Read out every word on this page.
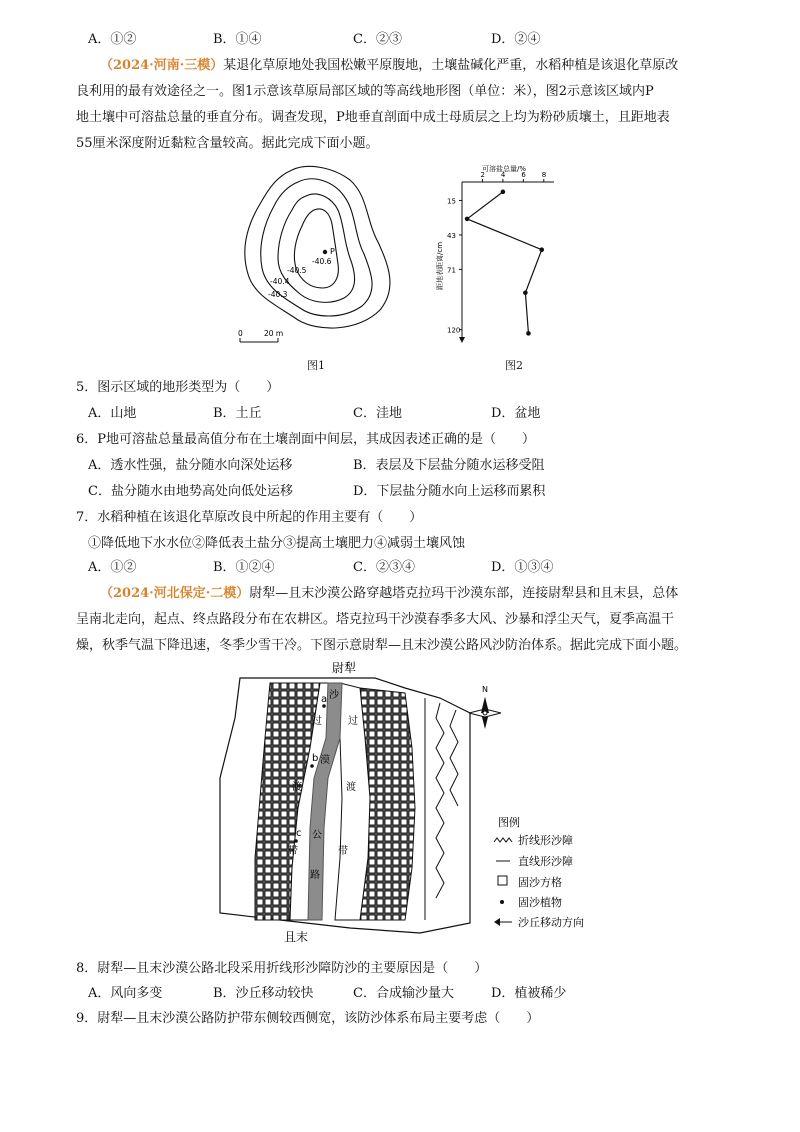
A．①②	B．①④	C．②③	D．②④
（2024·河南·三模）某退化草原地处我国松嫩平原腹地，土壤盐碱化严重，水稻种植是该退化草原改
良利用的最有效途径之一。图1示意该草原局部区域的等高线地形图（单位：米），图2示意该区域内P
地土壤中可溶盐总量的垂直分布。调查发现，P地垂直剖面中成土母质层之上均为粉砂质壤土，且距地表
55厘米深度附近黏粒含量较高。据此完成下面小题。
P
-40.6
-40.5
-40.4
-40.3
0	20 m
图1
可溶盐总量/%
距地表距离/cm
2 4 6 8
15
43
71
120
图2
5．图示区域的地形类型为（　　）
A．山地	B．土丘	C．洼地	D．盆地
6．P地可溶盐总量最高值分布在土壤剖面中间层，其成因表述正确的是（　　）
A．透水性强，盐分随水向深处运移	B．表层及下层盐分随水运移受阻
C．盐分随水由地势高处向低处运移	D．下层盐分随水向上运移而累积
7．水稻种植在该退化草原改良中所起的作用主要有（　　）
①降低地下水水位②降低表土盐分③提高土壤肥力④减弱土壤风蚀
A．①②	B．①②④	C．②③④	D．①③④
（2024·河北保定·二模）尉犁—且末沙漠公路穿越塔克拉玛干沙漠东部，连接尉犁县和且末县，总体
呈南北走向，起点、终点路段分布在农耕区。塔克拉玛干沙漠春季多大风、沙暴和浮尘天气，夏季高温干
燥，秋季气温下降迅速，冬季少雪干冷。下图示意尉犁—且末沙漠公路风沙防治体系。据此完成下面小题。
沙
漠
公
路
过
渡
带
过
渡
带
a
b
c
尉犁
且末
N
图例
折线形沙障
直线形沙障
固沙方格
固沙植物
沙丘移动方向
8．尉犁—且末沙漠公路北段采用折线形沙障防沙的主要原因是（　　）
A．风向多变	B．沙丘移动较快	C．合成输沙量大	D．植被稀少
9．尉犁—且末沙漠公路防护带东侧较西侧宽，该防沙体系布局主要考虑（　　）
